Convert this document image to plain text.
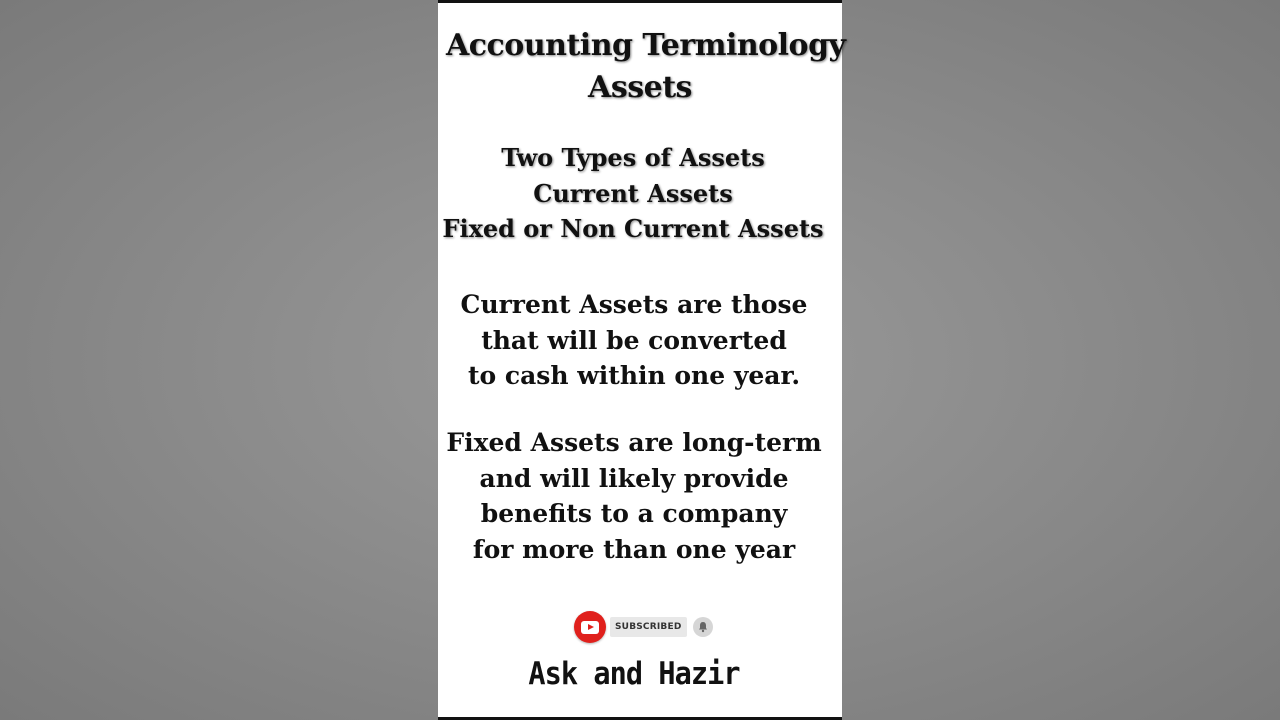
Accounting Terminology
Assets
Two Types of Assets
Current Assets
Fixed or Non Current Assets
Current Assets are those
that will be converted
to cash within one year.
Fixed Assets are long-term
and will likely provide
benefits to a company
for more than one year
SUBSCRIBED
Ask and Hazir
